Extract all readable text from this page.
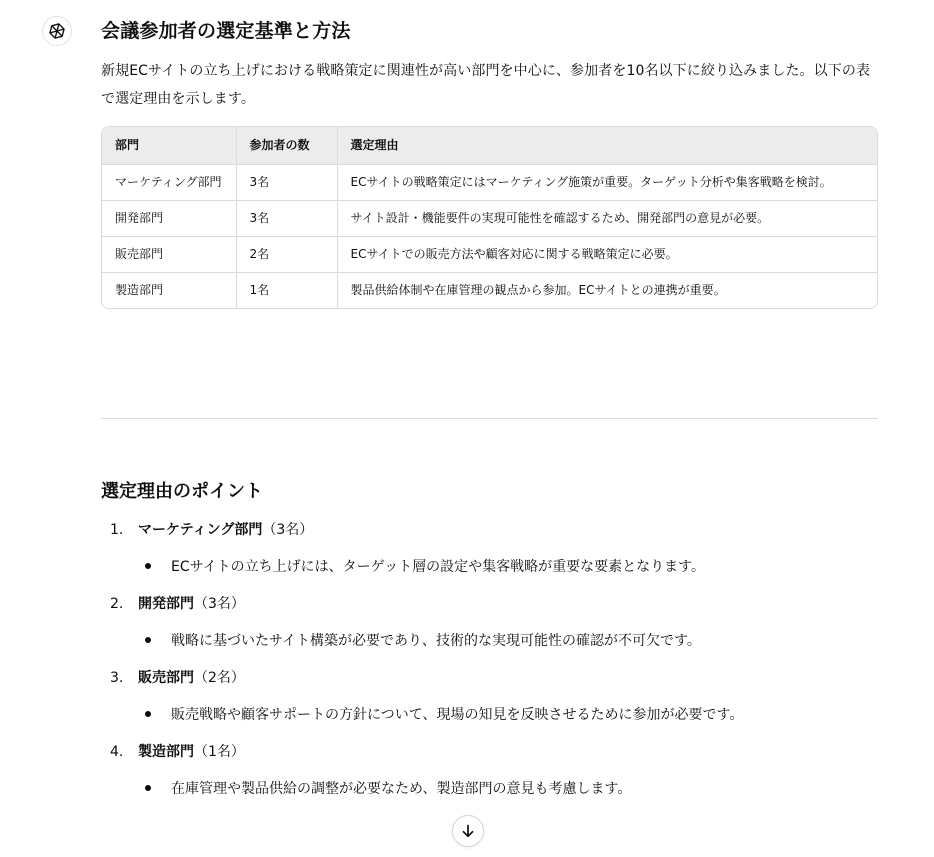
会議参加者の選定基準と方法

新規ECサイトの立ち上げにおける戦略策定に関連性が高い部門を中心に、参加者を10名以下に絞り込みました。以下の表で選定理由を示します。

部門	参加者の数	選定理由
マーケティング部門	3名	ECサイトの戦略策定にはマーケティング施策が重要。ターゲット分析や集客戦略を検討。
開発部門	3名	サイト設計・機能要件の実現可能性を確認するため、開発部門の意見が必要。
販売部門	2名	ECサイトでの販売方法や顧客対応に関する戦略策定に必要。
製造部門	1名	製品供給体制や在庫管理の観点から参加。ECサイトとの連携が重要。
選定理由のポイント
1. マーケティング部門（3名）
ECサイトの立ち上げには、ターゲット層の設定や集客戦略が重要な要素となります。
2. 開発部門（3名）
戦略に基づいたサイト構築が必要であり、技術的な実現可能性の確認が不可欠です。
3. 販売部門（2名）
販売戦略や顧客サポートの方針について、現場の知見を反映させるために参加が必要です。
4. 製造部門（1名）
在庫管理や製品供給の調整が必要なため、製造部門の意見も考慮します。
